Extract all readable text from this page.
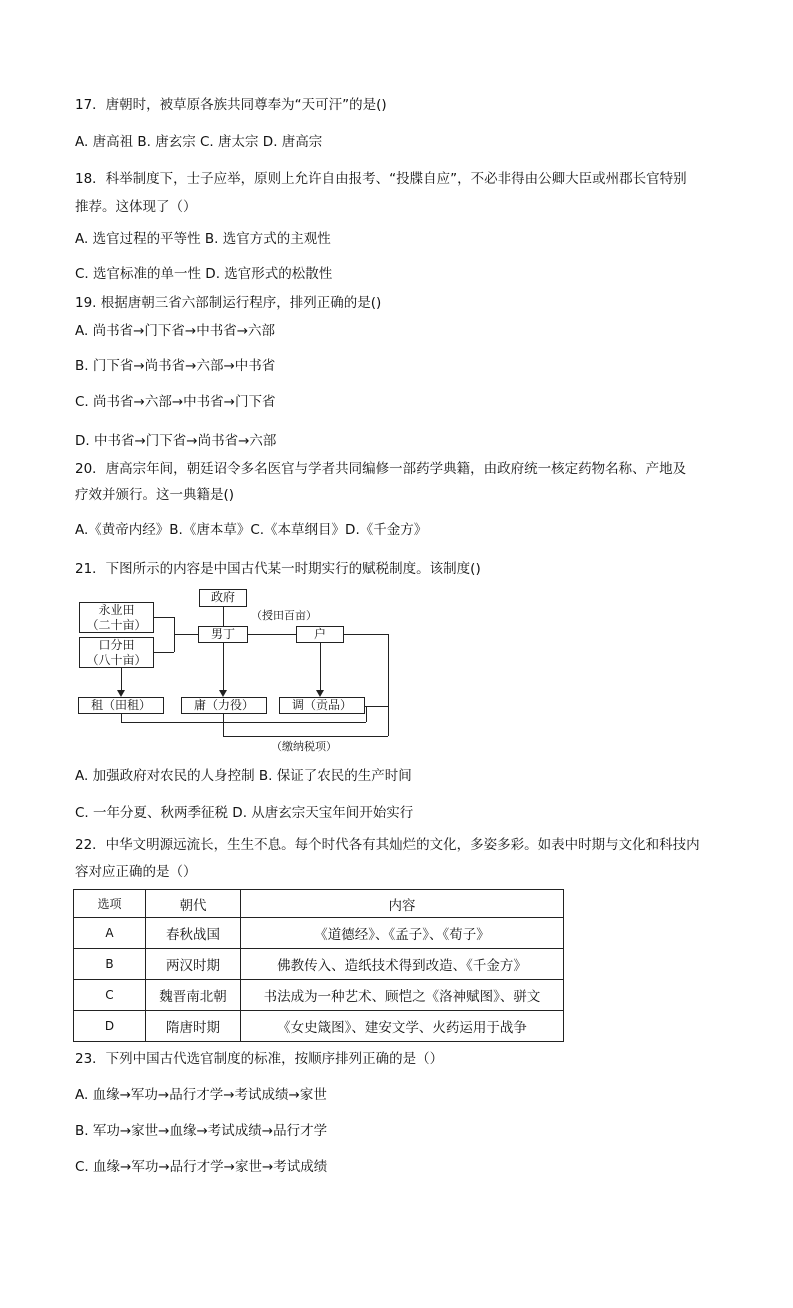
17．唐朝时，被草原各族共同尊奉为“天可汗”的是()
A. 唐高祖 B. 唐玄宗 C. 唐太宗 D. 唐高宗
18．科举制度下，士子应举，原则上允许自由报考、“投牒自应”，不必非得由公卿大臣或州郡长官特别
推荐。这体现了（）
A. 选官过程的平等性 B. 选官方式的主观性
C. 选官标准的单一性 D. 选官形式的松散性
19. 根据唐朝三省六部制运行程序，排列正确的是()
A. 尚书省→门下省→中书省→六部
B. 门下省→尚书省→六部→中书省
C. 尚书省→六部→中书省→门下省
D. 中书省→门下省→尚书省→六部
20．唐高宗年间，朝廷诏令多名医官与学者共同编修一部药学典籍，由政府统一核定药物名称、产地及
疗效并颁行。这一典籍是()
A.《黄帝内经》B.《唐本草》C.《本草纲目》D.《千金方》
21．下图所示的内容是中国古代某一时期实行的赋税制度。该制度()
政府
（授田百亩）
永业田
（二十亩）
口分田
（八十亩）
男丁	户
租（田租）	庸（力役）	调（贡品）
（缴纳税项）
A. 加强政府对农民的人身控制 B. 保证了农民的生产时间
C. 一年分夏、秋两季征税 D. 从唐玄宗天宝年间开始实行
22．中华文明源远流长，生生不息。每个时代各有其灿烂的文化，多姿多彩。如表中时期与文化和科技内
容对应正确的是（）
选项	朝代	内容
A	春秋战国	《道德经》、《孟子》、《荀子》
B	两汉时期	佛教传入、造纸技术得到改造、《千金方》
C	魏晋南北朝	书法成为一种艺术、顾恺之《洛神赋图》、骈文
D	隋唐时期	《女史箴图》、建安文学、火药运用于战争
23．下列中国古代选官制度的标准，按顺序排列正确的是（）
A. 血缘→军功→品行才学→考试成绩→家世
B. 军功→家世→血缘→考试成绩→品行才学
C. 血缘→军功→品行才学→家世→考试成绩
